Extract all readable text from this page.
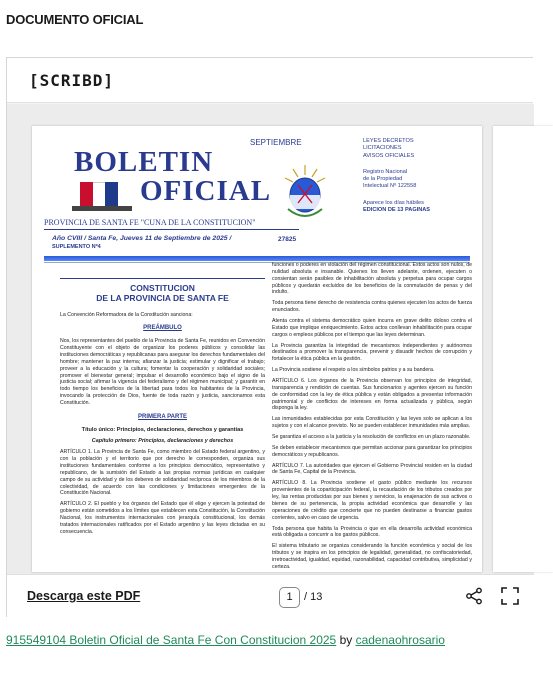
DOCUMENTO OFICIAL
[SCRIBD]
BOLETIN
OFICIAL
PROVINCIA DE SANTA FE "CUNA DE LA CONSTITUCION"
Año CVIII / Santa Fe, Jueves 11 de Septiembre de 2025 /
SUPLEMENTO Nº4
SEPTIEMBRE
27825
LEYES DECRETOS
LICITACIONES
AVISOS OFICIALES
Registro Nacional
de la Propiedad
Intelectual Nº 122558
Aparece los días hábiles
EDICION DE 13 PAGINAS
CONSTITUCION
DE LA PROVINCIA DE SANTA FE

La Convención Reformadora de la Constitución sanciona:

PREÁMBULO

Nos, los representantes del pueblo de la Provincia de Santa Fe, reunidos en Convención Constituyente con el objeto de organizar los poderes públicos y consolidar las instituciones democráticas y republicanas para asegurar los derechos fundamentales del hombre; mantener la paz interna; afianzar la justicia; estimular y dignificar el trabajo; proveer a la educación y la cultura; fomentar la cooperación y solidaridad sociales; promover el bienestar general; impulsar el desarrollo económico bajo el signo de la justicia social; afirmar la vigencia del federalismo y del régimen municipal; y garantir en todo tiempo los beneficios de la libertad para todos los habitantes de la Provincia, invocando la protección de Dios, fuente de toda razón y justicia, sancionamos esta Constitución.

PRIMERA PARTE
Título único: Principios, declaraciones, derechos y garantías
Capítulo primero: Principios, declaraciones y derechos

ARTÍCULO 1. La Provincia de Santa Fe, como miembro del Estado federal argentino, y con la población y el territorio que por derecho le corresponden, organiza sus instituciones fundamentales conforme a los principios democrático, representativo y republicano, de la sumisión del Estado a las propias normas jurídicas en cualquier campo de su actividad y de los deberes de solidaridad recíproca de los miembros de la colectividad, de acuerdo con las condiciones y limitaciones emergentes de la Constitución Nacional.

ARTÍCULO 2. El pueblo y los órganos del Estado que él elige y ejercen la potestad de gobierno están sometidos a los límites que establecen esta Constitución, la Constitución Nacional, los instrumentos internacionales con jerarquía constitucional, los demás tratados internacionales ratificados por el Estado argentino y las leyes dictadas en su consecuencia.

funciones o poderes en violación del régimen constitucional. Estos actos son nulos, de nulidad absoluta e insanable. Quienes los lleven adelante, ordenen, ejecuten o consientan serán pasibles de inhabilitación absoluta y perpetua para ocupar cargos públicos y quedarán excluidos de los beneficios de la conmutación de penas y del indulto.

Toda persona tiene derecho de resistencia contra quienes ejecuten los actos de fuerza enunciados.

Atenta contra el sistema democrático quien incurra en grave delito doloso contra el Estado que implique enriquecimiento. Estos actos conllevan inhabilitación para ocupar cargos o empleos públicos por el tiempo que las leyes determinan.

La Provincia garantiza la integridad de mecanismos independientes y autónomos destinados a promover la transparencia, prevenir y disuadir hechos de corrupción y fortalecer la ética pública en la gestión.

La Provincia sostiene el respeto a los símbolos patrios y a su bandera.

ARTÍCULO 6. Los órganos de la Provincia observan los principios de integridad, transparencia y rendición de cuentas. Sus funcionarios y agentes ejercen su función de conformidad con la ley de ética pública y están obligados a presentar información patrimonial y de conflictos de intereses en forma actualizada y pública, según disponga la ley.

Las inmunidades establecidas por esta Constitución y las leyes solo se aplican a los sujetos y con el alcance previsto. No se pueden establecer inmunidades más amplias.

Se garantiza el acceso a la justicia y la resolución de conflictos en un plazo razonable.

Se deben establecer mecanismos que permitan accionar para garantizar los principios democráticos y republicanos.

ARTÍCULO 7. La autoridades que ejercen el Gobierno Provincial residen en la ciudad de Santa Fe, Capital de la Provincia.

ARTÍCULO 8. La Provincia sostiene el gasto público mediante los recursos provenientes de la coparticipación federal, la recaudación de los tributos creados por ley, las rentas producidas por sus bienes y servicios, la enajenación de sus activos o bienes de su pertenencia, la propia actividad económica que desarrolle y las operaciones de crédito que concierte que no pueden destinarse a financiar gastos corrientes, salvo en caso de urgencia.

Toda persona que habita la Provincia o que en ella desarrolla actividad económica está obligada a concurrir a los gastos públicos.

El sistema tributario se organiza considerando la función económica y social de los tributos y se inspira en los principios de legalidad, generalidad, no confiscatoriedad, irretroactividad, igualdad, equidad, razonabilidad, capacidad contributiva, simplicidad y certeza.

Descarga este PDF	1	/ 13
915549104 Boletin Oficial de Santa Fe Con Constitucion 2025 by cadenaohrosario
